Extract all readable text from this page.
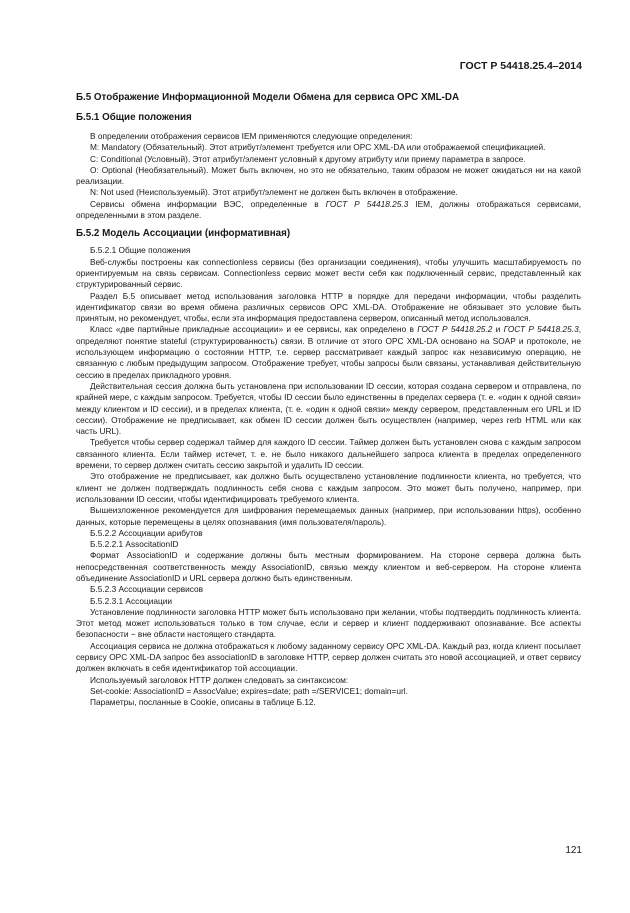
ГОСТ Р 54418.25.4–2014
Б.5 Отображение Информационной Модели Обмена для сервиса OPC XML-DA
Б.5.1 Общие положения

В определении отображения сервисов IEM применяются следующие определения:

M: Mandatory (Обязательный). Этот атрибут/элемент требуется или OPC XML-DA или отображаемой спецификацией.

C: Conditional (Условный). Этот атрибут/элемент условный к другому атрибуту или приему параметра в запросе.

O: Optional (Необязательный). Может быть включен, но это не обязательно, таким образом не может ожидаться ни на какой реализации.

N: Not used (Неиспользуемый). Этот атрибут/элемент не должен быть включен в отображение.

Сервисы обмена информации ВЭС, определенные в ГОСТ Р 54418.25.3 IEM, должны отображаться сервисами, определенными в этом разделе.

Б.5.2 Модель Ассоциации (информативная)

Б.5.2.1 Общие положения

Веб-службы построены как connectionless сервисы (без организации соединения), чтобы улучшить масштабируемость по ориентируемым на связь сервисам. Connectionless сервис может вести себя как подключенный сервис, представленный как структурированный сервис.

Раздел Б.5 описывает метод использования заголовка HTTP в порядке для передачи информации, чтобы разделить идентификатор связи во время обмена различных сервисов OPC XML-DA. Отображение не обязывает это условие быть принятым, но рекомендует, чтобы, если эта информация предоставлена сервером, описанный метод использовался.

Класс «две партийные прикладные ассоциации» и ее сервисы, как определено в ГОСТ Р 54418.25.2 и ГОСТ Р 54418.25.3, определяют понятие stateful (структурированность) связи. В отличие от этого OPC XML-DA основано на SOAP и протоколе, не использующем информацию о состоянии HTTP, т.е. сервер рассматривает каждый запрос как независимую операцию, не связанную с любым предыдущим запросом. Отображение требует, чтобы запросы были связаны, устанавливая действительную сессию в пределах прикладного уровня.

Действительная сессия должна быть установлена при использовании ID сессии, которая создана сервером и отправлена, по крайней мере, с каждым запросом. Требуется, чтобы ID сессии было единственны в пределах сервера (т. е. «один к одной связи» между клиентом и ID сессии), и в пределах клиента, (т. е. «один к одной связи» между сервером, представленным его URL и ID сессии). Отображение не предписывает, как обмен ID сессии должен быть осуществлен (например, через rerb HTML или как часть URL).

Требуется чтобы сервер содержал таймер для каждого ID сессии. Таймер должен быть установлен снова с каждым запросом связанного клиента. Если таймер истечет, т. е. не было никакого дальнейшего запроса клиента в пределах определенного времени, то сервер должен считать сессию закрытой и удалить ID сессии.

Это отображение не предписывает, как должно быть осуществлено установление подлинности клиента, но требуется, что клиент не должен подтверждать подлинность себя снова с каждым запросом. Это может быть получено, например, при использовании ID сессии, чтобы идентифицировать требуемого клиента.

Вышеизложенное рекомендуется для шифрования перемещаемых данных (например, при использовании https), особенно данных, которые перемещены в целях опознавания (имя пользователя/пароль).

Б.5.2.2 Ассоциации арибутов

Б.5.2.2.1 AssocitationID

Формат AssociationID и содержание должны быть местным формированием. На стороне сервера должна быть непосредственная соответственность между AssociationID, связью между клиентом и веб-сервером. На стороне клиента объединение AssociationID и URL сервера должно быть единственным.

Б.5.2.3 Ассоциации сервисов

Б.5.2.3.1 Ассоциации

Установление подлинности заголовка HTTP может быть использовано при желании, чтобы подтвердить подлинность клиента. Этот метод может использоваться только в том случае, если и сервер и клиент поддерживают опознавание. Все аспекты безопасности − вне области настоящего стандарта.

Ассоциация сервиса не должна отображаться к любому заданному сервису OPC XML-DA. Каждый раз, когда клиент посылает сервису OPC XML-DA запрос без associationID в заголовке HTTP, сервер должен считать это новой ассоциацией, и ответ сервису должен включать в себя идентификатор той ассоциации.

Используемый заголовок HTTP должен следовать за синтаксисом:

Set-cookie: AssociationID = AssocValue; expires=date; path =/SERVICE1; domain=url.

Параметры, посланные в Cookie, описаны в таблице Б.12.

121
